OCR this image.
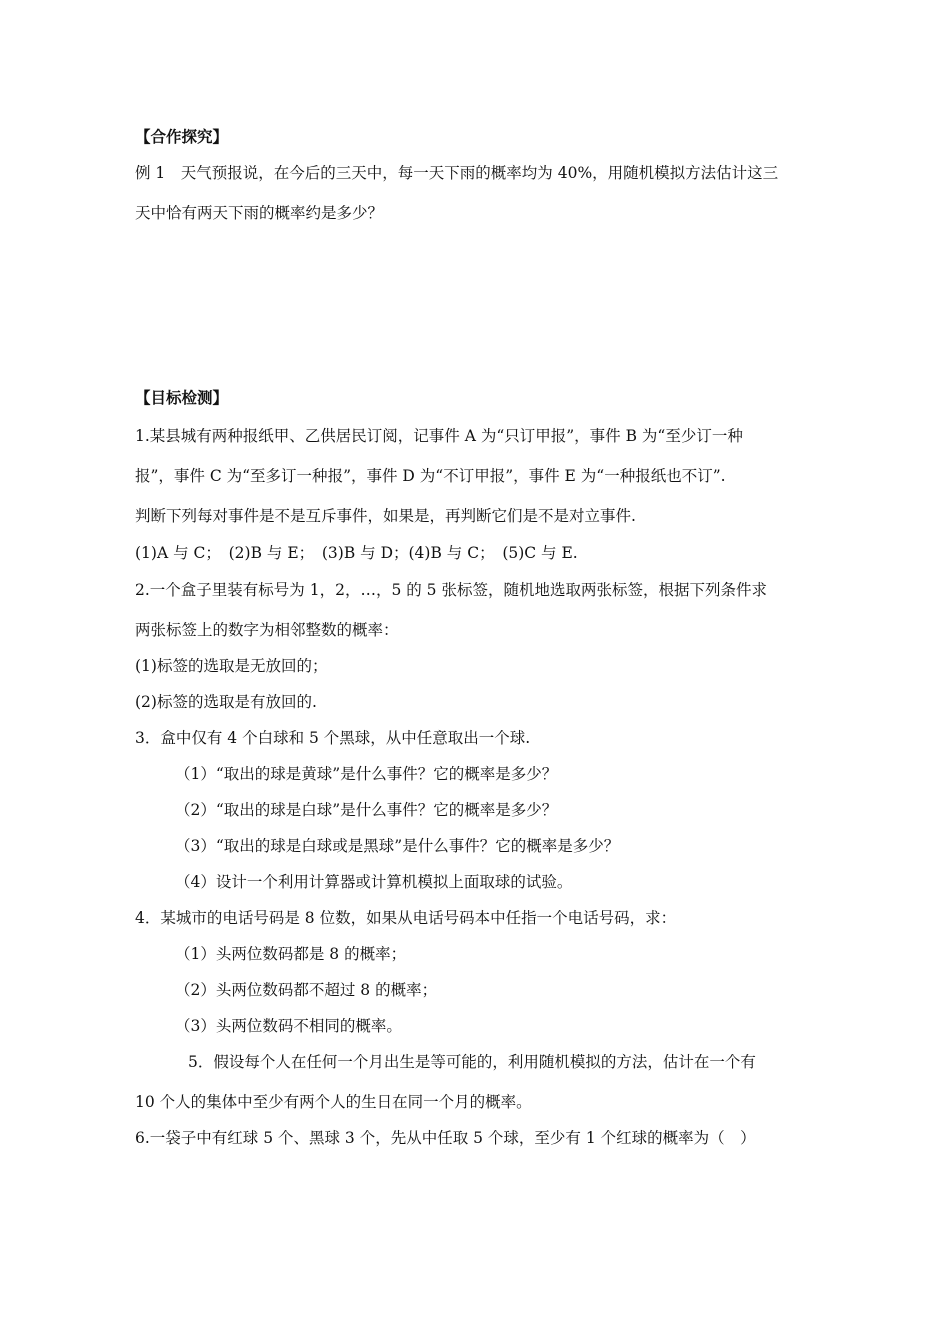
【合作探究】
例 1　天气预报说，在今后的三天中，每一天下雨的概率均为 40%，用随机模拟方法估计这三
天中恰有两天下雨的概率约是多少？
【目标检测】
1.某县城有两种报纸甲、乙供居民订阅，记事件 A 为“只订甲报”，事件 B 为“至少订一种
报”，事件 C 为“至多订一种报”，事件 D 为“不订甲报”，事件 E 为“一种报纸也不订”.
判断下列每对事件是不是互斥事件，如果是，再判断它们是不是对立事件.
(1)A 与 C；　(2)B 与 E；　(3)B 与 D；(4)B 与 C；　(5)C 与 E.
2.一个盒子里装有标号为 1，2，…，5 的 5 张标签，随机地选取两张标签，根据下列条件求
两张标签上的数字为相邻整数的概率：
(1)标签的选取是无放回的；
(2)标签的选取是有放回的.
3．盒中仅有 4 个白球和 5 个黑球，从中任意取出一个球.
（1）“取出的球是黄球”是什么事件？它的概率是多少？
（2）“取出的球是白球”是什么事件？它的概率是多少？
（3）“取出的球是白球或是黑球”是什么事件？它的概率是多少？
（4）设计一个利用计算器或计算机模拟上面取球的试验。
4．某城市的电话号码是 8 位数，如果从电话号码本中任指一个电话号码，求：
（1）头两位数码都是 8 的概率；
（2）头两位数码都不超过 8 的概率；
（3）头两位数码不相同的概率。
5．假设每个人在任何一个月出生是等可能的，利用随机模拟的方法，估计在一个有
10 个人的集体中至少有两个人的生日在同一个月的概率。
6.一袋子中有红球 5 个、黑球 3 个，先从中任取 5 个球，至少有 1 个红球的概率为（　）
